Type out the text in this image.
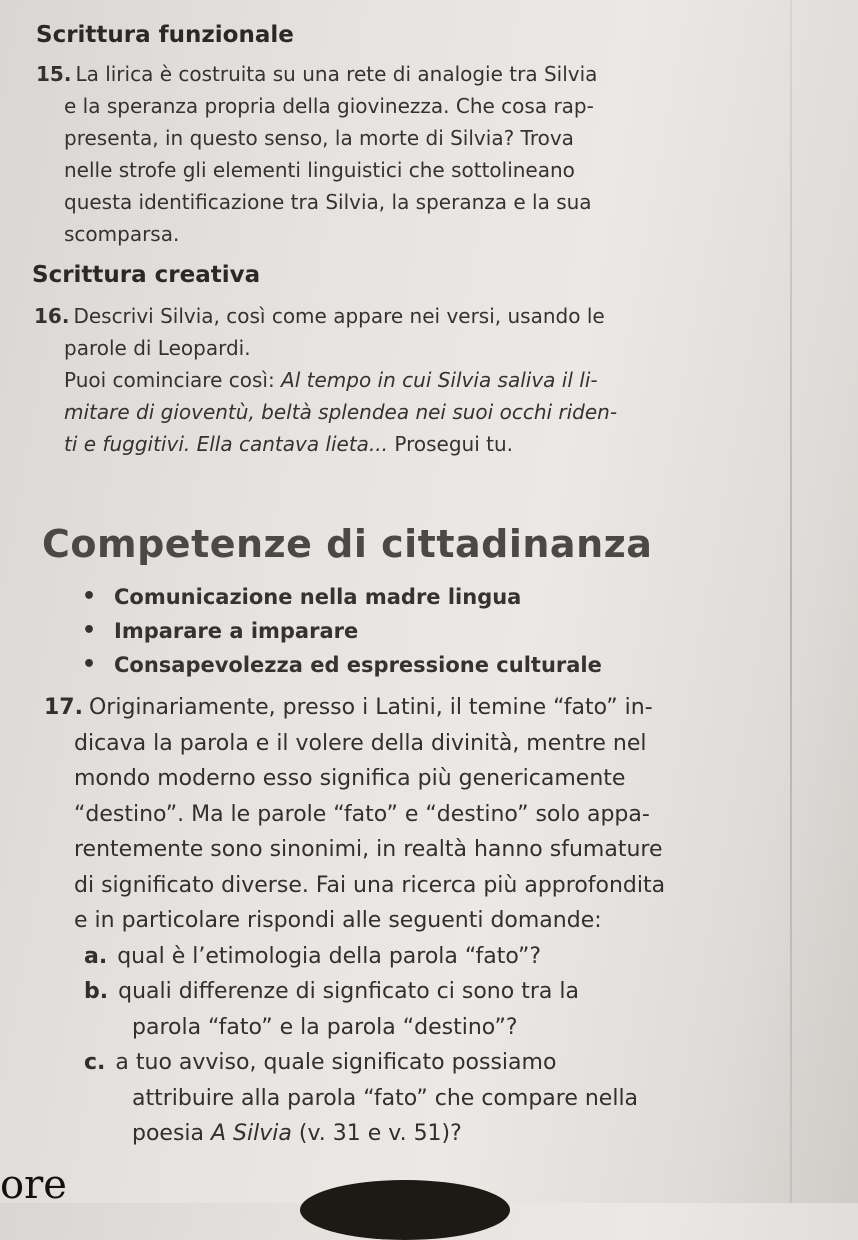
Scrittura funzionale
15. La lirica è costruita su una rete di analogie tra Silvia
e la speranza propria della giovinezza. Che cosa rap-
presenta, in questo senso, la morte di Silvia? Trova
nelle strofe gli elementi linguistici che sottolineano
questa identificazione tra Silvia, la speranza e la sua
scomparsa.
Scrittura creativa
16. Descrivi Silvia, così come appare nei versi, usando le
parole di Leopardi.
Puoi cominciare così: Al tempo in cui Silvia saliva il li-
mitare di gioventù, beltà splendea nei suoi occhi riden-
ti e fuggitivi. Ella cantava lieta... Prosegui tu.
Competenze di cittadinanza
• Comunicazione nella madre lingua
• Imparare a imparare
• Consapevolezza ed espressione culturale
17. Originariamente, presso i Latini, il temine “fato” in-
dicava la parola e il volere della divinità, mentre nel
mondo moderno esso significa più genericamente
“destino”. Ma le parole “fato” e “destino” solo appa-
rentemente sono sinonimi, in realtà hanno sfumature
di significato diverse. Fai una ricerca più approfondita
e in particolare rispondi alle seguenti domande:
a. qual è l’etimologia della parola “fato”?
b. quali differenze di signficato ci sono tra la
parola “fato” e la parola “destino”?
c. a tuo avviso, quale significato possiamo
attribuire alla parola “fato” che compare nella
poesia A Silvia (v. 31 e v. 51)?
ore
